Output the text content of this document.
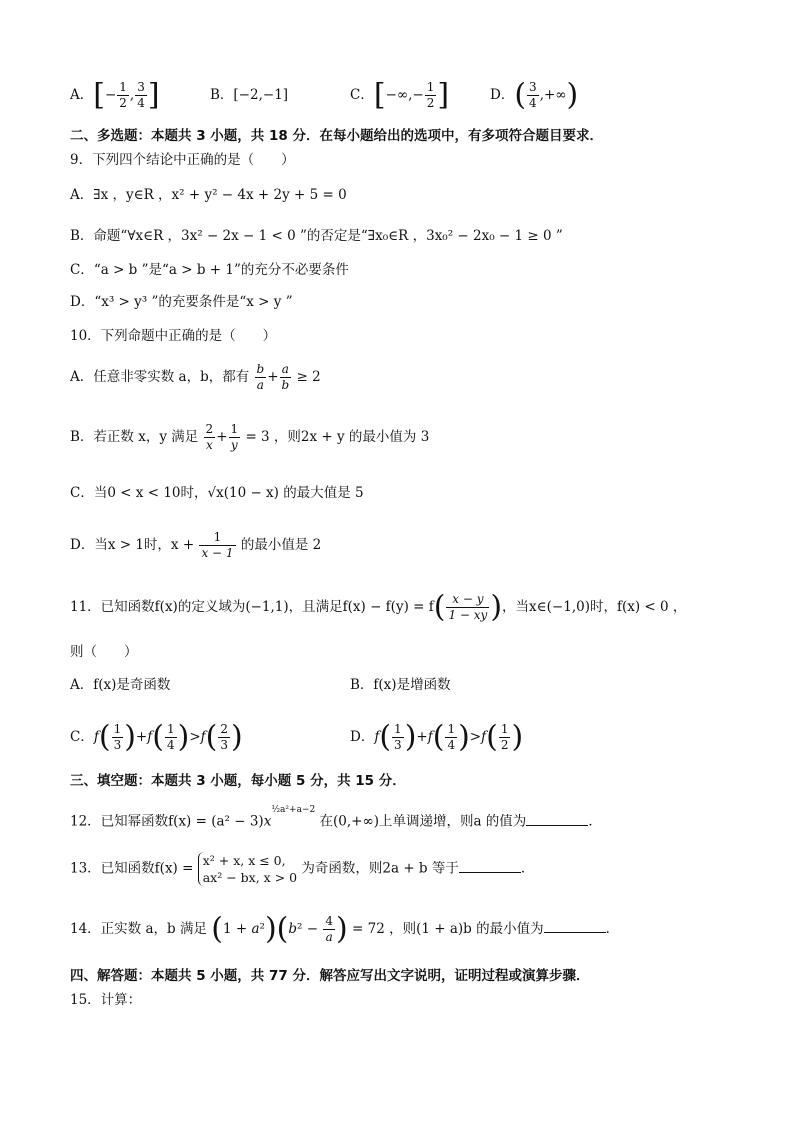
A．[− $\frac{1}{2}$ , $\frac{3}{4}$ ]	B．[−2,−1]	C．[−∞,− $\frac{1}{2}$ ]	D．( $\frac{3}{4}$ ,+∞)
二、多选题：本题共 3 小题，共 18 分．在每小题给出的选项中，有多项符合题目要求．
9．下列四个结论中正确的是（　　）
A．∃x ，y∈R ，x² + y² − 4x + 2y + 5 = 0
B．命题“∀x∈R ，3x² − 2x − 1 < 0 ”的否定是“∃x₀∈R ，3x₀² − 2x₀ − 1 ≥ 0 ”
C．“a > b ”是“a > b + 1”的充分不必要条件
D．“x³ > y³ ”的充要条件是“x > y ”
10．下列命题中正确的是（　　）
A．任意非零实数 a，b，都有 $\frac{b}{a} + \frac{a}{b} \ge 2$
B．若正数 x，y 满足 $\frac{2}{x} + \frac{1}{y} = 3$ ，则2x + y 的最小值为 3
C．当0 < x < 10时，√x(10 − x) 的最大值是 5
D．当x > 1时，$x + \frac{1}{x - 1}$ 的最小值是 2
11．已知函数f(x)的定义域为(−1,1)，且满足$f(x) - f(y) = f( \frac{x - y}{1 - xy}$ )，当x∈(−1,0)时，f(x) < 0 ，
则（　　）
A．f(x)是奇函数	B．f(x)是增函数
C．$f( \frac{1}{3} )+f( \frac{1}{4} )>f( \frac{2}{3}$ )	D．$f( \frac{1}{3} )+f( \frac{1}{4} )>f( \frac{1}{2}$ )
三、填空题：本题共 3 小题，每小题 5 分，共 15 分．
12．已知幂函数$f(x) = (a^2 - 3)x^{\frac{1}{2}a^2+a-2}$ 在(0,+∞)上单调递增，则a 的值为	．
13．已知函数f(x) = x² + x, x ≤ 0,
ax² − bx, x > 0
为奇函数，则2a + b 等于	．
14．正实数 a，b 满足 $(1 + a^2)(b^2 - \frac{4}{a}$ ) = 72 ，则(1 + a)b 的最小值为	．
四、解答题：本题共 5 小题，共 77 分．解答应写出文字说明，证明过程或演算步骤．
15．计算：
